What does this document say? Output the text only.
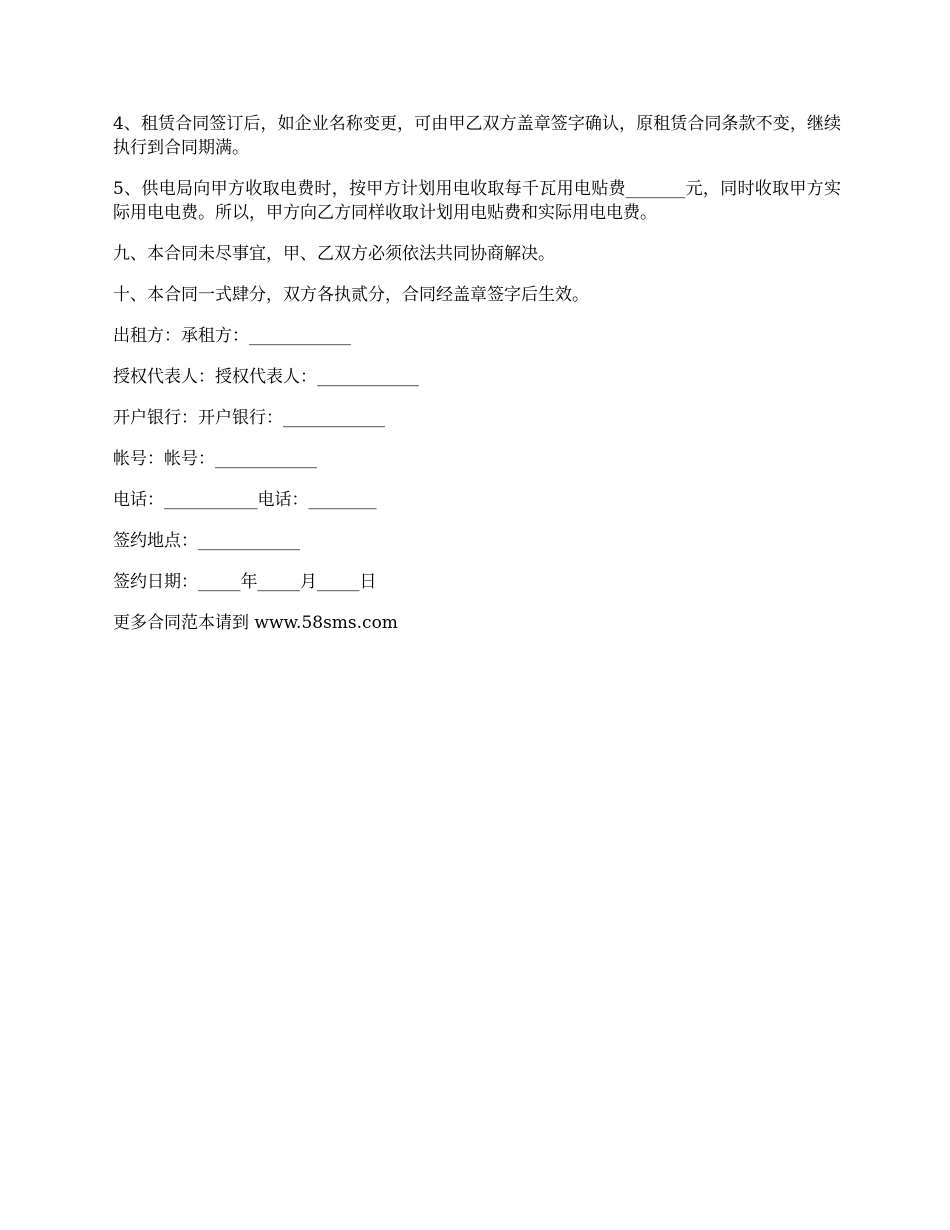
4、租赁合同签订后，如企业名称变更，可由甲乙双方盖章签字确认，原租赁合同条款不变，继续执行到合同期满。

5、供电局向甲方收取电费时，按甲方计划用电收取每千瓦用电贴费_______元，同时收取甲方实际用电电费。所以，甲方向乙方同样收取计划用电贴费和实际用电电费。

九、本合同未尽事宜，甲、乙双方必须依法共同协商解决。

十、本合同一式肆分，双方各执贰分，合同经盖章签字后生效。

出租方：承租方：____________
授权代表人：授权代表人：____________
开户银行：开户银行：____________
帐号：帐号：____________
电话：___________电话：________
签约地点：____________
签约日期：_____年_____月_____日
更多合同范本请到 www.58sms.com
